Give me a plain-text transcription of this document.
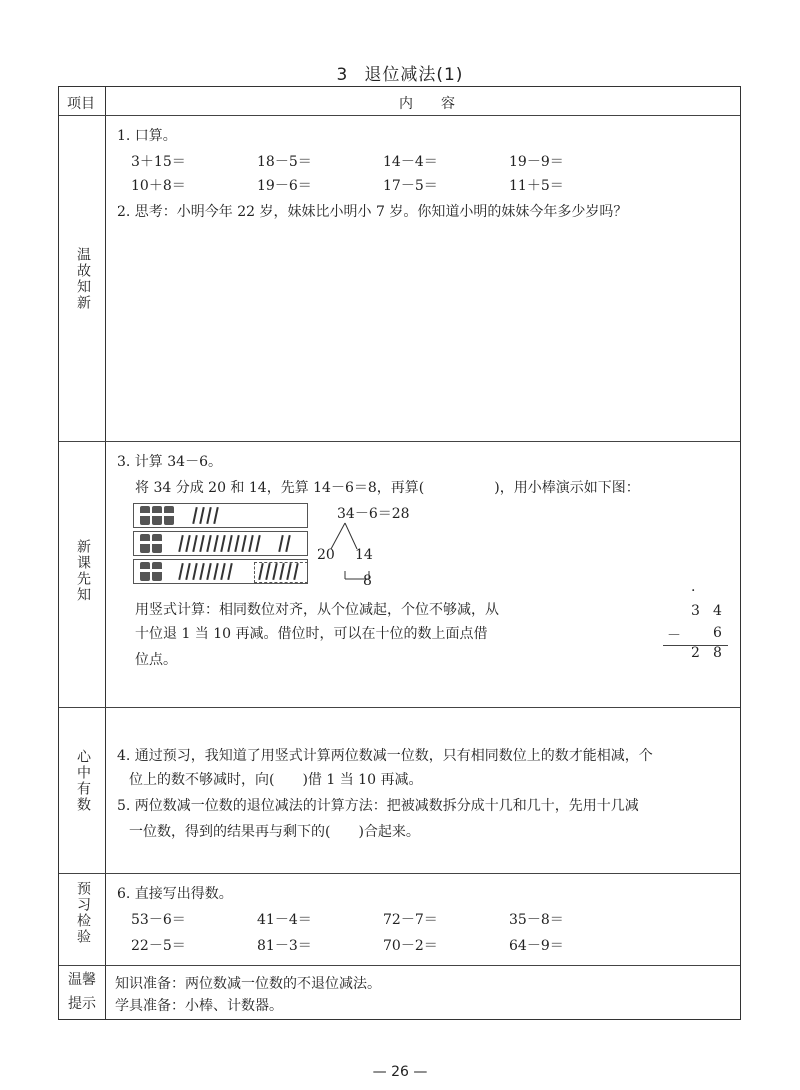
3 退位减法(1)
项目	内 容
温故知新
1. 口算。
3＋15＝	18－5＝	14－4＝	19－9＝
10＋8＝	19－6＝	17－5＝	11＋5＝
2. 思考：小明今年 22 岁，妹妹比小明小 7 岁。你知道小明的妹妹今年多少岁吗？
新课先知
3. 计算 34－6。
将 34 分成 20 和 14，先算 14－6＝8，再算(　　　　　)，用小棒演示如下图：
34－6＝28
20 14
8
用竖式计算：相同数位对齐，从个位减起，个位不够减，从
十位退 1 当 10 再减。借位时，可以在十位的数上面点借
位点。
·
3 4
－ 6
2 8
心中有数 4. 通过预习，我知道了用竖式计算两位数减一位数，只有相同数位上的数才能相减，个
位上的数不够减时，向(　　)借 1 当 10 再减。
5. 两位数减一位数的退位减法的计算方法：把被减数拆分成十几和几十，先用十几减
一位数，得到的结果再与剩下的(　　)合起来。
预习检验 6. 直接写出得数。
53－6＝	41－4＝	72－7＝	35－8＝
22－5＝	81－3＝	70－2＝	64－9＝
温馨
提示
知识准备：两位数减一位数的不退位减法。
学具准备：小棒、计数器。
— 26 —
